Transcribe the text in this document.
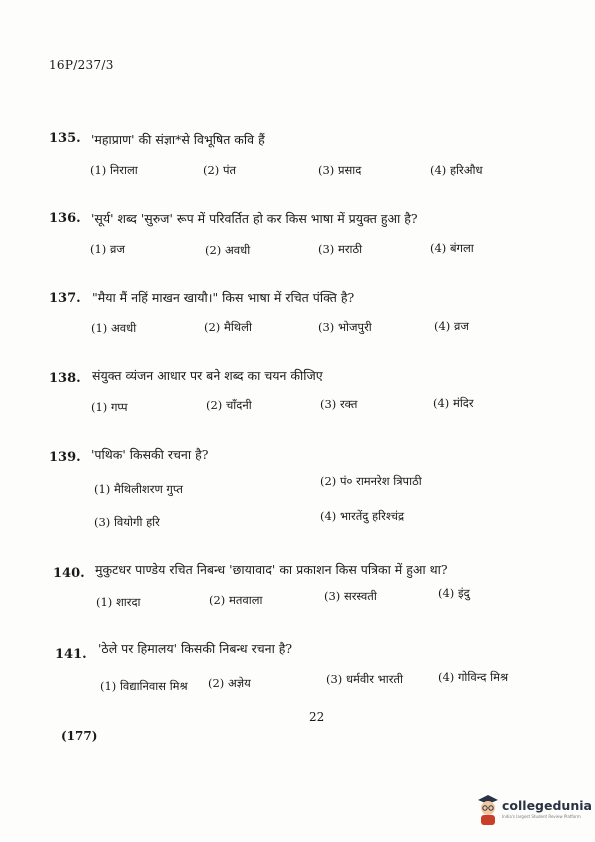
16P/237/3
135. 'महाप्राण' की संज्ञा*से विभूषित कवि हैं
(1) निराला	(2) पंत	(3) प्रसाद	(4) हरिऔध
136. 'सूर्य' शब्द 'सुरुज' रूप में परिवर्तित हो कर किस भाषा में प्रयुक्त हुआ है?
(1) व्रज	(2) अवधी	(3) मराठी	(4) बंगला
137. "मैया मैं नहिं माखन खायौ।" किस भाषा में रचित पंक्ति है?
(1) अवधी	(2) मैथिली	(3) भोजपुरी	(4) व्रज
138. संयुक्त व्यंजन आधार पर बने शब्द का चयन कीजिए
(1) गप्प	(2) चाँदनी	(3) रक्त	(4) मंदिर
139. 'पथिक' किसकी रचना है?
(1) मैथिलीशरण गुप्त
(2) पं० रामनरेश त्रिपाठी
(3) वियोगी हरि	(4) भारतेंदु हरिश्चंद्र
140. मुकुटधर पाण्डेय रचित निबन्ध 'छायावाद' का प्रकाशन किस पत्रिका में हुआ था?
(1) शारदा	(2) मतवाला	(3) सरस्वती	(4) इंदु
141. 'ठेले पर हिमालय' किसकी निबन्ध रचना है?
(1) विद्यानिवास मिश्र (2) अज्ञेय	(3) धर्मवीर भारती	(4) गोविन्द मिश्र
22
(177)
collegedunia
India's largest Student Review Platform
